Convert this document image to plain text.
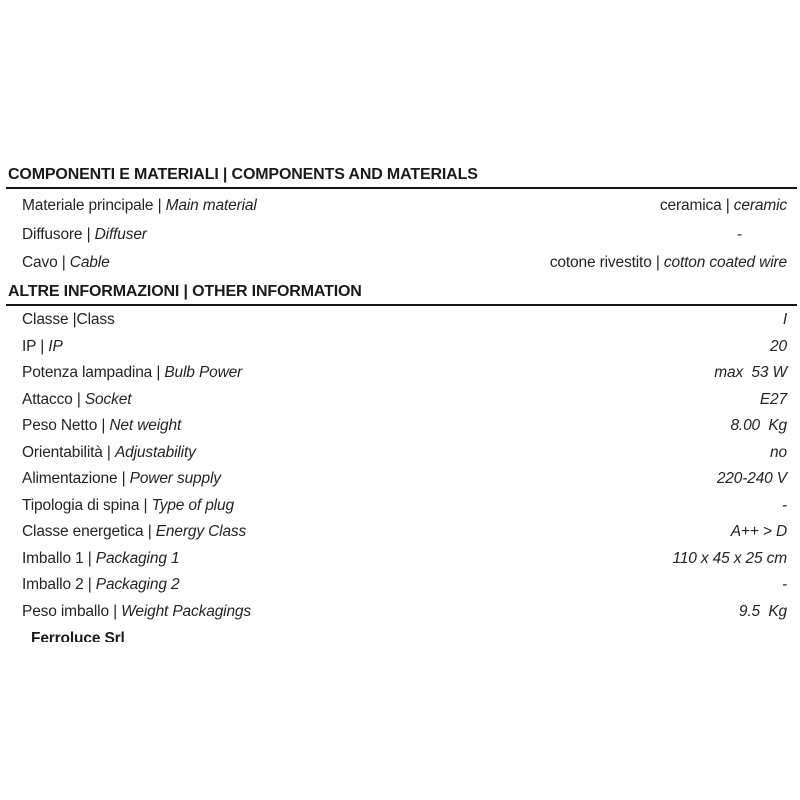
COMPONENTI E MATERIALI | COMPONENTS AND MATERIALS
Materiale principale | Main material	ceramica | ceramic
Diffusore | Diffuser	-
Cavo | Cable	cotone rivestito | cotton coated wire
ALTRE INFORMAZIONI | OTHER INFORMATION
Classe |Class	I
IP | IP	20
Potenza lampadina | Bulb Power	max  53 W
Attacco | Socket	E27
Peso Netto | Net weight	8.00  Kg
Orientabilità | Adjustability	no
Alimentazione | Power supply	220-240 V
Tipologia di spina | Type of plug	-
Classe energetica | Energy Class	A++ > D
Imballo 1 | Packaging 1	110 x 45 x 25 cm
Imballo 2 | Packaging 2	-
Peso imballo | Weight Packagings	9.5  Kg
Ferroluce Srl
